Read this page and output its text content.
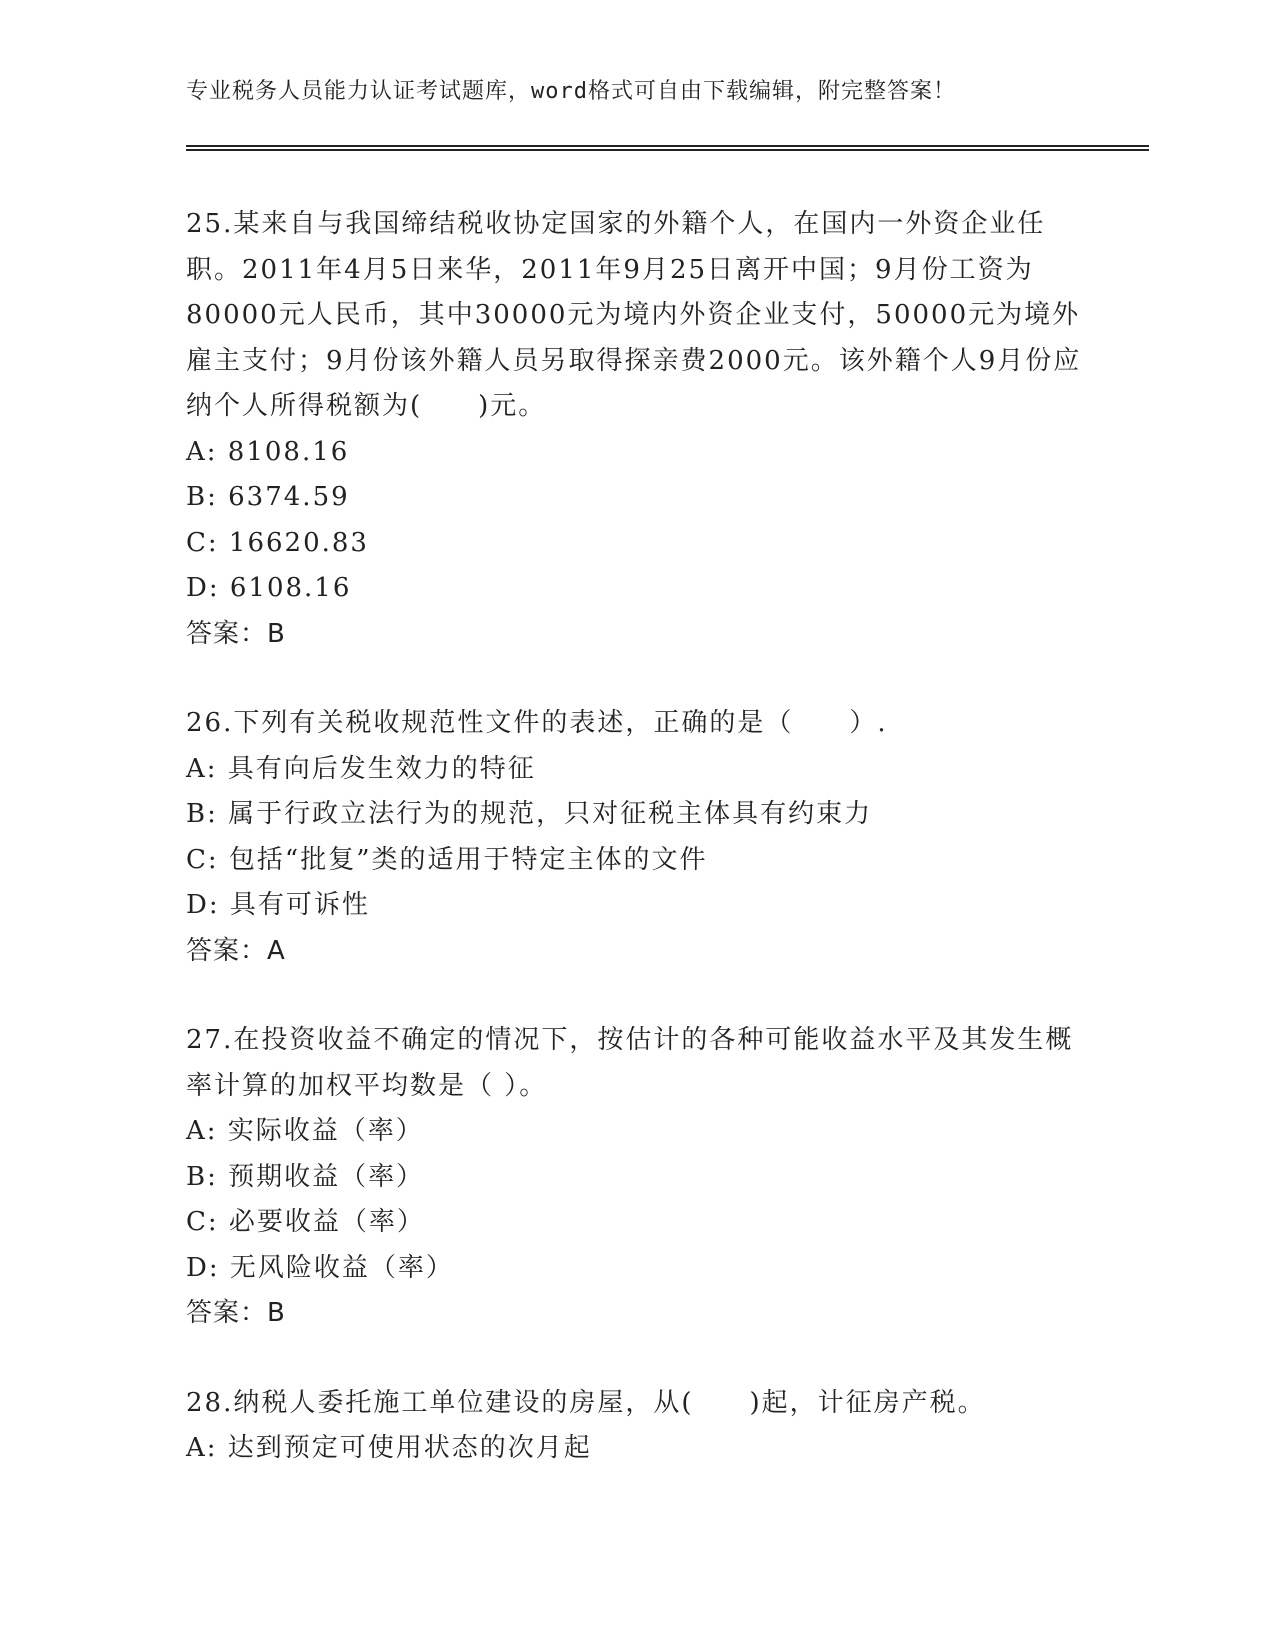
专业税务人员能力认证考试题库，word格式可自由下载编辑，附完整答案！

25.某来自与我国缔结税收协定国家的外籍个人，在国内一外资企业任职。2011年4月5日来华，2011年9月25日离开中国；9月份工资为80000元人民币，其中30000元为境内外资企业支付，50000元为境外雇主支付；9月份该外籍人员另取得探亲费2000元。该外籍个人9月份应纳个人所得税额为(　　)元。

A: 8108.16

B: 6374.59

C: 16620.83

D: 6108.16

答案：B

26.下列有关税收规范性文件的表述，正确的是（　　）.

A: 具有向后发生效力的特征

B: 属于行政立法行为的规范，只对征税主体具有约束力

C: 包括“批复”类的适用于特定主体的文件

D: 具有可诉性

答案：A

27.在投资收益不确定的情况下，按估计的各种可能收益水平及其发生概率计算的加权平均数是（ ）。

A: 实际收益（率）

B: 预期收益（率）

C: 必要收益（率）

D: 无风险收益（率）

答案：B

28.纳税人委托施工单位建设的房屋，从(　　)起，计征房产税。

A: 达到预定可使用状态的次月起
